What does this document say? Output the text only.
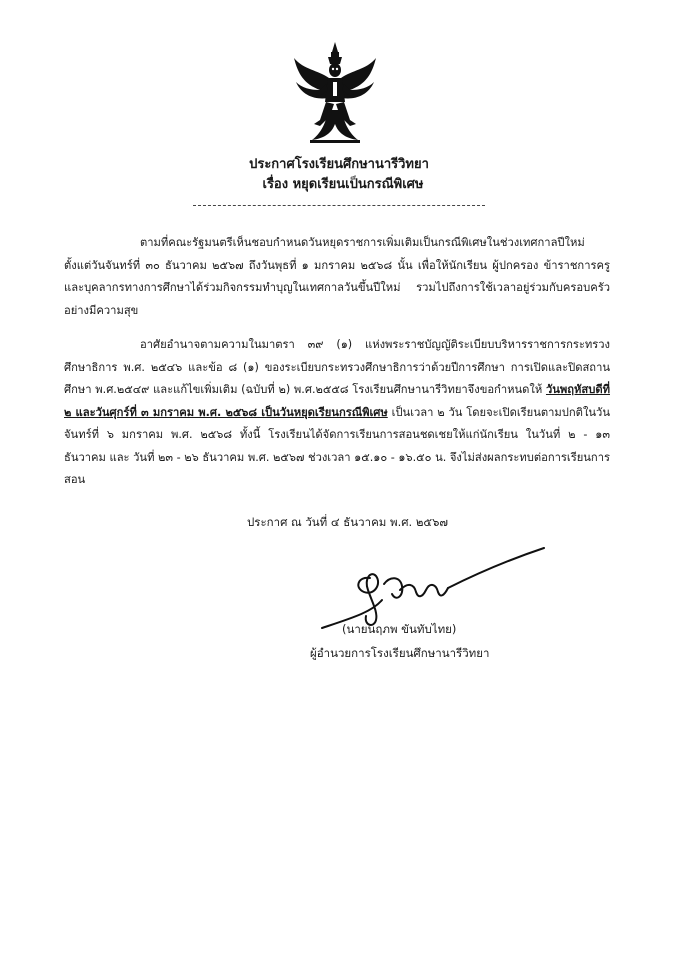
ประกาศโรงเรียนศึกษานารีวิทยา
เรื่อง หยุดเรียนเป็นกรณีพิเศษ

ตามที่คณะรัฐมนตรีเห็นชอบกำหนดวันหยุดราชการเพิ่มเติมเป็นกรณีพิเศษในช่วงเทศกาลปีใหม่ ตั้งแต่วันจันทร์ที่ ๓๐ ธันวาคม ๒๕๖๗ ถึงวันพุธที่ ๑ มกราคม ๒๕๖๘ นั้น เพื่อให้นักเรียน ผู้ปกครอง ข้าราชการครูและบุคลากรทางการศึกษาได้ร่วมกิจกรรมทำบุญในเทศกาลวันขึ้นปีใหม่ รวมไปถึงการใช้เวลาอยู่ร่วมกับครอบครัวอย่างมีความสุข

อาศัยอำนาจตามความในมาตรา ๓๙ (๑) แห่งพระราชบัญญัติระเบียบบริหารราชการกระทรวงศึกษาธิการ พ.ศ. ๒๕๔๖ และข้อ ๘ (๑) ของระเบียบกระทรวงศึกษาธิการว่าด้วยปีการศึกษา การเปิดและปิดสถานศึกษา พ.ศ.๒๕๔๙ และแก้ไขเพิ่มเติม (ฉบับที่ ๒) พ.ศ.๒๕๕๘ โรงเรียนศึกษานารีวิทยาจึงขอกำหนดให้ วันพฤหัสบดีที่ ๒ และวันศุกร์ที่ ๓ มกราคม พ.ศ. ๒๕๖๘ เป็นวันหยุดเรียนกรณีพิเศษ เป็นเวลา ๒ วัน โดยจะเปิดเรียนตามปกติในวันจันทร์ที่ ๖ มกราคม พ.ศ. ๒๕๖๘ ทั้งนี้ โรงเรียนได้จัดการเรียนการสอนชดเชยให้แก่นักเรียน ในวันที่ ๒ - ๑๓ ธันวาคม และ วันที่ ๒๓ - ๒๖ ธันวาคม พ.ศ. ๒๕๖๗ ช่วงเวลา ๑๕.๑๐ - ๑๖.๕๐ น. จึงไม่ส่งผลกระทบต่อการเรียนการสอน

ประกาศ ณ วันที่ ๔ ธันวาคม พ.ศ. ๒๕๖๗
(นายนฤภพ ขันทับไทย)
ผู้อำนวยการโรงเรียนศึกษานารีวิทยา
